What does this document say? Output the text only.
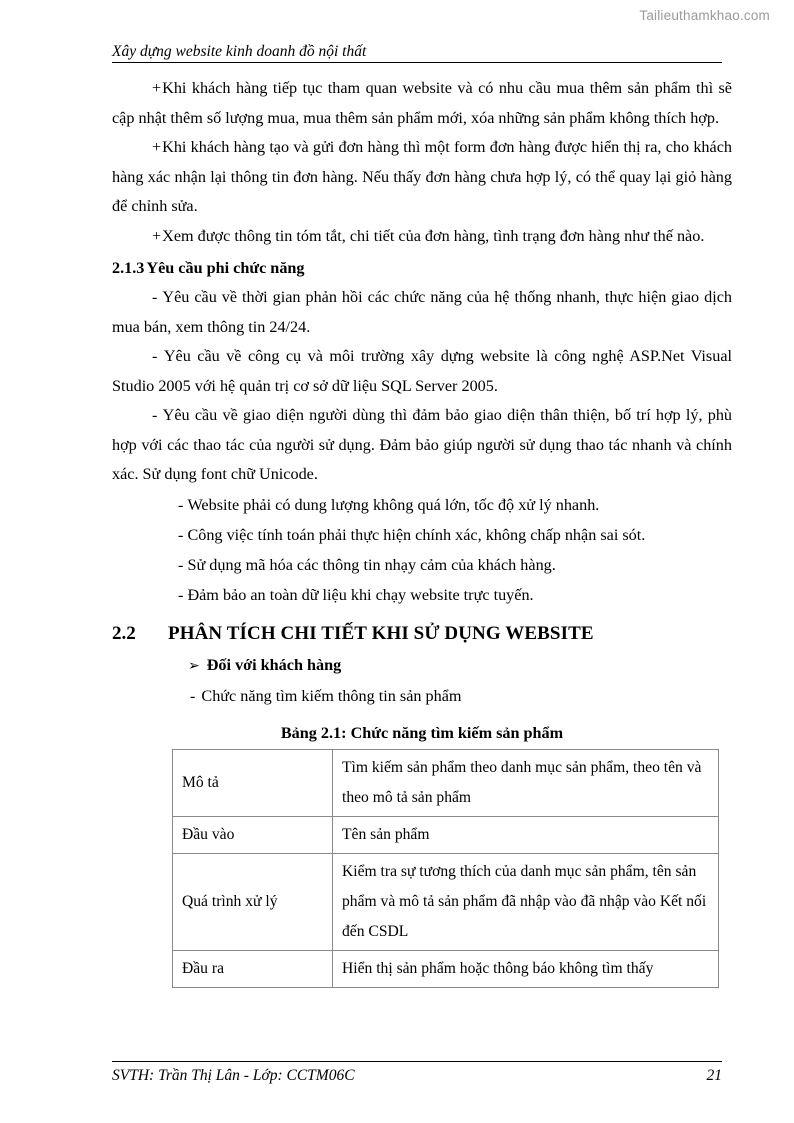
Tailieuthamkhao.com
Xây dựng website kinh doanh đồ nội thất

+Khi khách hàng tiếp tục tham quan website và có nhu cầu mua thêm sản phẩm thì sẽ cập nhật thêm số lượng mua, mua thêm sản phẩm mới, xóa những sản phẩm không thích hợp.

+Khi khách hàng tạo và gửi đơn hàng thì một form đơn hàng được hiển thị ra, cho khách hàng xác nhận lại thông tin đơn hàng. Nếu thấy đơn hàng chưa hợp lý, có thể quay lại giỏ hàng để chỉnh sửa.

+Xem được thông tin tóm tắt, chi tiết của đơn hàng, tình trạng đơn hàng như thế nào.

2.1.3 Yêu cầu phi chức năng

- Yêu cầu về thời gian phản hồi các chức năng của hệ thống nhanh, thực hiện giao dịch mua bán, xem thông tin 24/24.

- Yêu cầu về công cụ và môi trường xây dựng website là công nghệ ASP.Net Visual Studio 2005 với hệ quản trị cơ sở dữ liệu SQL Server 2005.

- Yêu cầu về giao diện người dùng thì đảm bảo giao diện thân thiện, bố trí hợp lý, phù hợp với các thao tác của người sử dụng. Đảm bảo giúp người sử dụng thao tác nhanh và chính xác. Sử dụng font chữ Unicode.

- Website phải có dung lượng không quá lớn, tốc độ xử lý nhanh.

- Công việc tính toán phải thực hiện chính xác, không chấp nhận sai sót.

- Sử dụng mã hóa các thông tin nhạy cảm của khách hàng.

- Đảm bảo an toàn dữ liệu khi chạy website trực tuyến.

2.2	PHÂN TÍCH CHI TIẾT KHI SỬ DỤNG WEBSITE

➢ Đối với khách hàng

- Chức năng tìm kiếm thông tin sản phẩm

Bảng 2.1: Chức năng tìm kiếm sản phẩm
Mô tả	Tìm kiếm sản phẩm theo danh mục sản phẩm, theo tên và theo mô tả sản phẩm
Đầu vào	Tên sản phẩm
Quá trình xử lý	Kiểm tra sự tương thích của danh mục sản phẩm, tên sản phẩm và mô tả sản phẩm đã nhập vào đã nhập vào Kết nối đến CSDL
Đầu ra	Hiển thị sản phẩm hoặc thông báo không tìm thấy
SVTH: Trần Thị Lân - Lớp: CCTM06C	21
